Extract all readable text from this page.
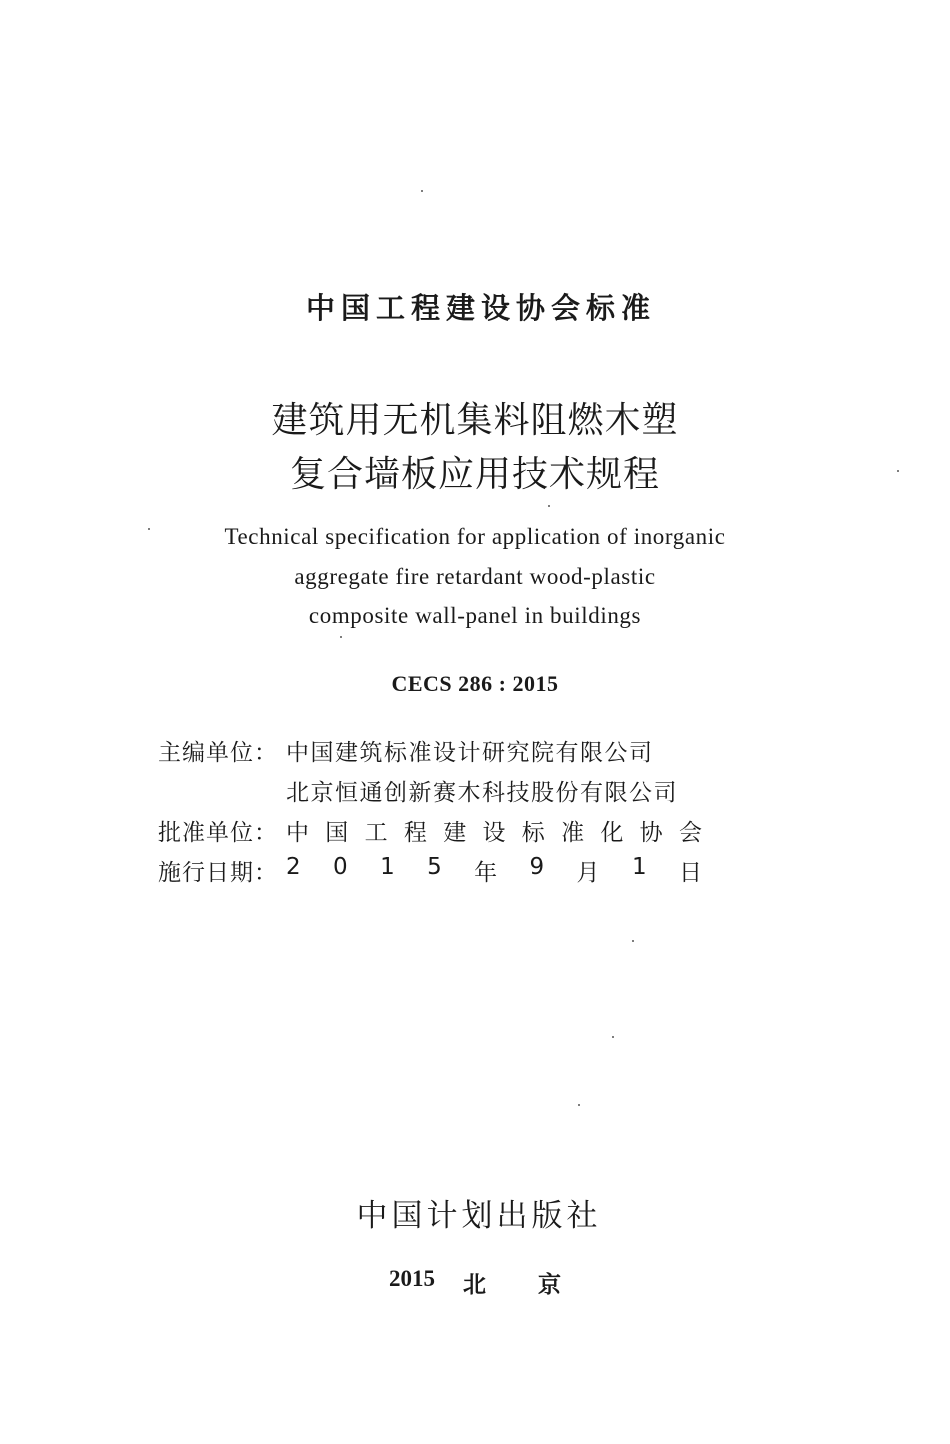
中国工程建设协会标准
建筑用无机集料阻燃木塑
复合墙板应用技术规程
Technical specification for application of inorganic
aggregate fire retardant wood-plastic
composite wall-panel in buildings
CECS 286 : 2015
主编单位： 中国建筑标准设计研究院有限公司
北京恒通创新赛木科技股份有限公司
批准单位： 中 国 工 程 建 设 标 准 化 协 会
施行日期： 2 0 1 5 年 9 月 1 日
中国计划出版社
2015 北京
